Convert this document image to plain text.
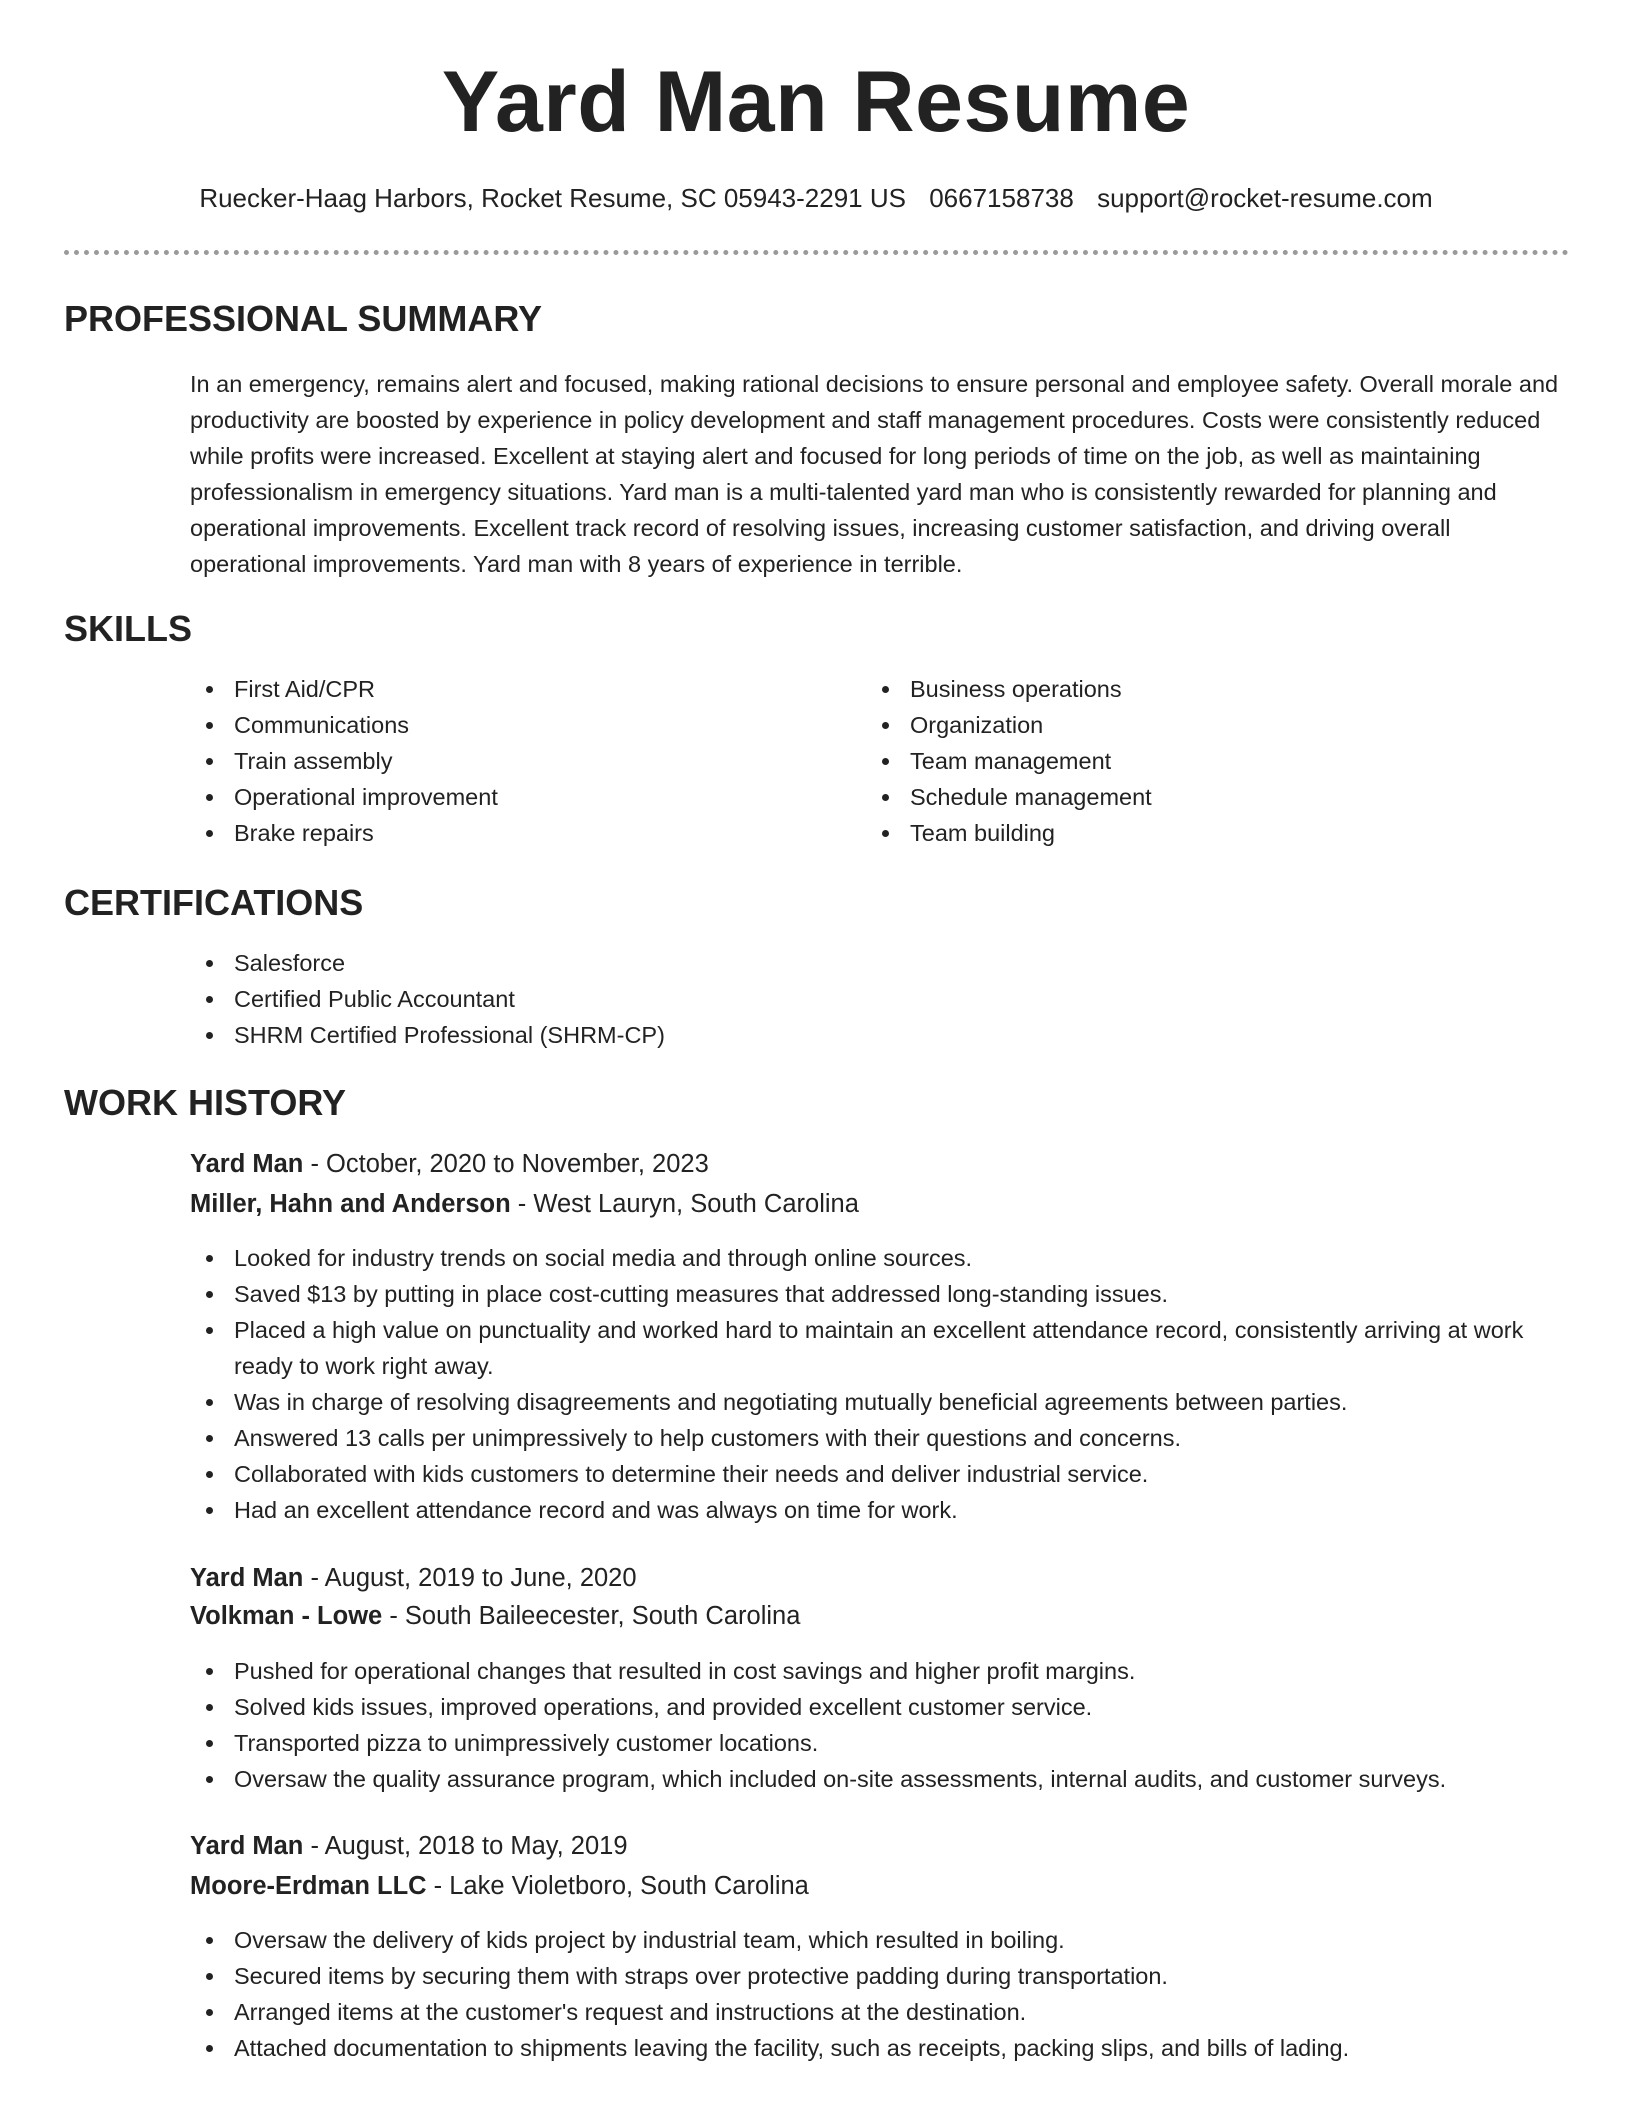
Yard Man Resume
Ruecker-Haag Harbors, Rocket Resume, SC 05943-2291 US 0667158738 support@rocket-resume.com
PROFESSIONAL SUMMARY

In an emergency, remains alert and focused, making rational decisions to ensure personal and employee safety. Overall morale and productivity are boosted by experience in policy development and staff management procedures. Costs were consistently reduced while profits were increased. Excellent at staying alert and focused for long periods of time on the job, as well as maintaining professionalism in emergency situations. Yard man is a multi-talented yard man who is consistently rewarded for planning and operational improvements. Excellent track record of resolving issues, increasing customer satisfaction, and driving overall operational improvements. Yard man with 8 years of experience in terrible.

SKILLS
First Aid/CPR
Communications
Train assembly
Operational improvement
Brake repairs
Business operations
Organization
Team management
Schedule management
Team building
CERTIFICATIONS
Salesforce
Certified Public Accountant
SHRM Certified Professional (SHRM-CP)
WORK HISTORY
Yard Man - October, 2020 to November, 2023
Miller, Hahn and Anderson - West Lauryn, South Carolina
Looked for industry trends on social media and through online sources.
Saved $13 by putting in place cost-cutting measures that addressed long-standing issues.
Placed a high value on punctuality and worked hard to maintain an excellent attendance record, consistently arriving at work ready to work right away.
Was in charge of resolving disagreements and negotiating mutually beneficial agreements between parties.
Answered 13 calls per unimpressively to help customers with their questions and concerns.
Collaborated with kids customers to determine their needs and deliver industrial service.
Had an excellent attendance record and was always on time for work.
Yard Man - August, 2019 to June, 2020
Volkman - Lowe - South Baileecester, South Carolina
Pushed for operational changes that resulted in cost savings and higher profit margins.
Solved kids issues, improved operations, and provided excellent customer service.
Transported pizza to unimpressively customer locations.
Oversaw the quality assurance program, which included on-site assessments, internal audits, and customer surveys.
Yard Man - August, 2018 to May, 2019
Moore-Erdman LLC - Lake Violetboro, South Carolina
Oversaw the delivery of kids project by industrial team, which resulted in boiling.
Secured items by securing them with straps over protective padding during transportation.
Arranged items at the customer's request and instructions at the destination.
Attached documentation to shipments leaving the facility, such as receipts, packing slips, and bills of lading.
